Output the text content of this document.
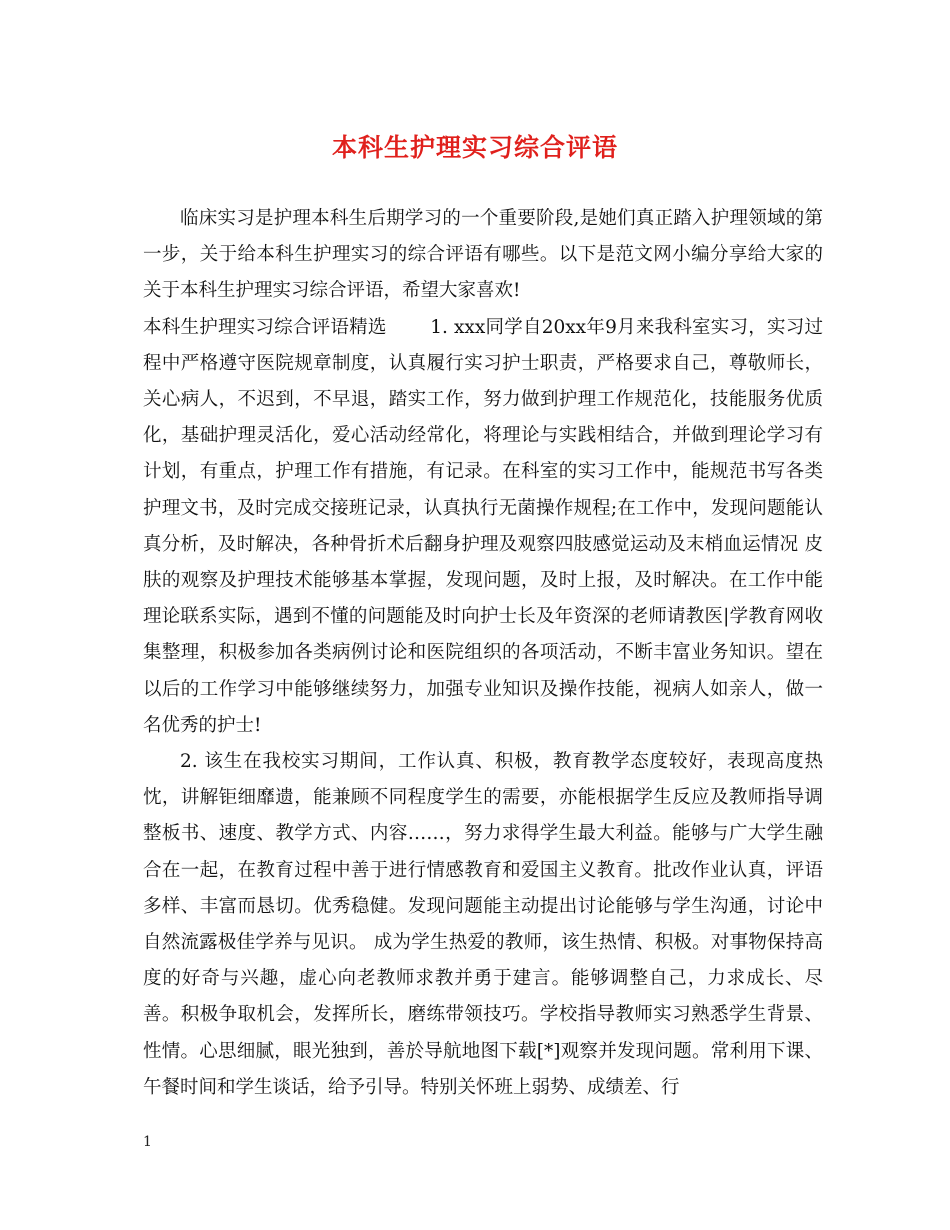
本科生护理实习综合评语

临床实习是护理本科生后期学习的一个重要阶段,是她们真正踏入护理领域的第一步，关于给本科生护理实习的综合评语有哪些。以下是范文网小编分享给大家的关于本科生护理实习综合评语，希望大家喜欢!

本科生护理实习综合评语精选　　 1. xxx同学自20xx年9月来我科室实习，实习过程中严格遵守医院规章制度，认真履行实习护士职责，严格要求自己，尊敬师长，关心病人，不迟到，不早退，踏实工作，努力做到护理工作规范化，技能服务优质化，基础护理灵活化，爱心活动经常化，将理论与实践相结合，并做到理论学习有计划，有重点，护理工作有措施，有记录。在科室的实习工作中，能规范书写各类护理文书，及时完成交接班记录，认真执行无菌操作规程;在工作中，发现问题能认真分析，及时解决，各种骨折术后翻身护理及观察四肢感觉运动及末梢血运情况 皮肤的观察及护理技术能够基本掌握，发现问题，及时上报，及时解决。在工作中能理论联系实际，遇到不懂的问题能及时向护士长及年资深的老师请教医|学教育网收集整理，积极参加各类病例讨论和医院组织的各项活动，不断丰富业务知识。望在以后的工作学习中能够继续努力，加强专业知识及操作技能，视病人如亲人，做一名优秀的护士!

2. 该生在我校实习期间，工作认真、积极，教育教学态度较好，表现高度热忱，讲解钜细靡遗，能兼顾不同程度学生的需要，亦能根据学生反应及教师指导调整板书、速度、教学方式、内容……，努力求得学生最大利益。能够与广大学生融合在一起，在教育过程中善于进行情感教育和爱国主义教育。批改作业认真，评语多样、丰富而恳切。优秀稳健。发现问题能主动提出讨论能够与学生沟通，讨论中自然流露极佳学养与见识。 成为学生热爱的教师，该生热情、积极。对事物保持高度的好奇与兴趣，虚心向老教师求教并勇于建言。能够调整自己，力求成长、尽善。积极争取机会，发挥所长，磨练带领技巧。学校指导教师实习熟悉学生背景、性情。心思细腻，眼光独到，善於导航地图下载[*]观察并发现问题。常利用下课、午餐时间和学生谈话，给予引导。特别关怀班上弱势、成绩差、行

1
